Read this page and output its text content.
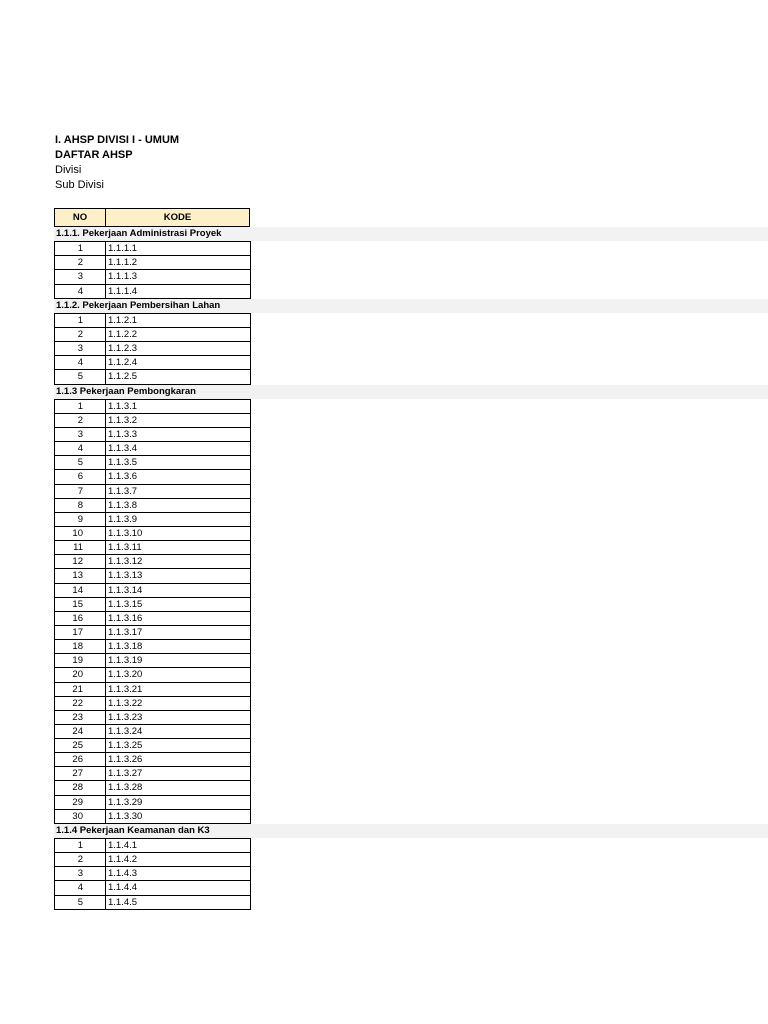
I. AHSP DIVISI I - UMUM
DAFTAR AHSP
Divisi
Sub Divisi
NO	KODE
1.1.1. Pekerjaan Administrasi Proyek
1	1.1.1.1
2	1.1.1.2
3	1.1.1.3
4	1.1.1.4
1.1.2. Pekerjaan Pembersihan Lahan
1	1.1.2.1
2	1.1.2.2
3	1.1.2.3
4	1.1.2.4
5	1.1.2.5
1.1.3 Pekerjaan Pembongkaran
1	1.1.3.1
2	1.1.3.2
3	1.1.3.3
4	1.1.3.4
5	1.1.3.5
6	1.1.3.6
7	1.1.3.7
8	1.1.3.8
9	1.1.3.9
10	1.1.3.10
11	1.1.3.11
12	1.1.3.12
13	1.1.3.13
14	1.1.3.14
15	1.1.3.15
16	1.1.3.16
17	1.1.3.17
18	1.1.3.18
19	1.1.3.19
20	1.1.3.20
21	1.1.3.21
22	1.1.3.22
23	1.1.3.23
24	1.1.3.24
25	1.1.3.25
26	1.1.3.26
27	1.1.3.27
28	1.1.3.28
29	1.1.3.29
30	1.1.3.30
1.1.4 Pekerjaan Keamanan dan K3
1	1.1.4.1
2	1.1.4.2
3	1.1.4.3
4	1.1.4.4
5	1.1.4.5
